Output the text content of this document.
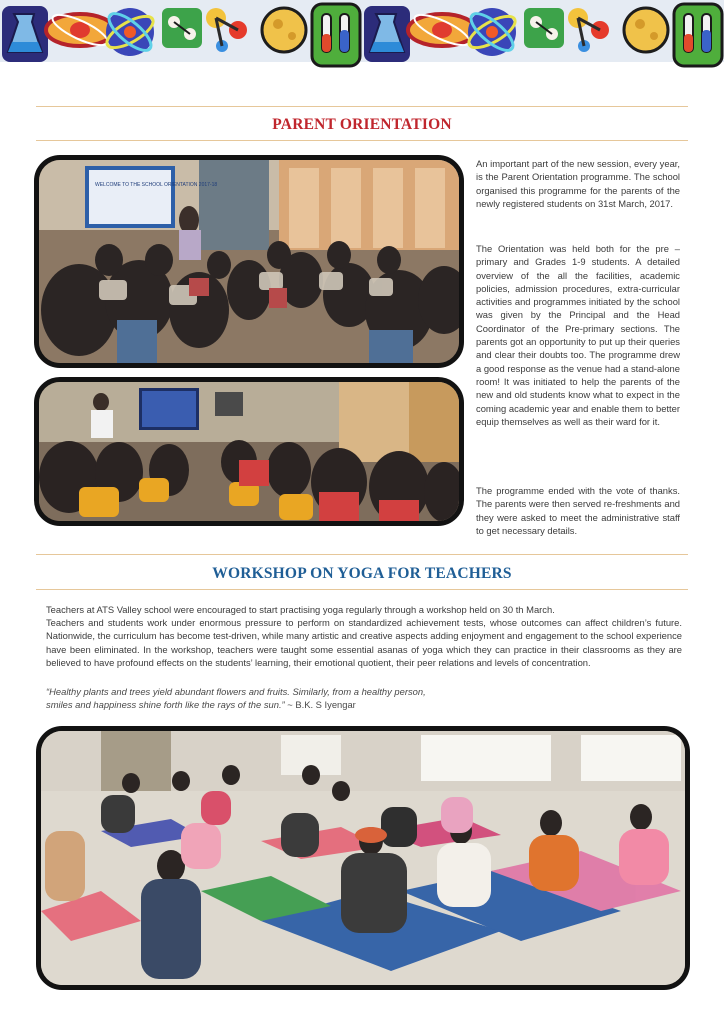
PARENT ORIENTATION
WELCOME TO THE SCHOOL ORIENTATION 2017-18
An important part of the new session, every year, is the Parent Orientation programme. The school organised this programme for the parents of the newly registered students on 31st March, 2017.
The Orientation was held both for the pre – primary and Grades 1-9 students. A detailed overview of the all the facilities, academic policies, admission procedures, extra-curricular activities and programmes initiated by the school was given by the Principal and the Head Coordinator of the Pre-primary sections. The parents got an opportunity to put up their queries and clear their doubts too. The programme drew a good response as the venue had a stand-alone room! It was initiated to help the parents of the new and old students know what to expect in the coming academic year and enable them to better equip themselves as well as their ward for it.
The programme ended with the vote of thanks. The parents were then served re-freshments and they were asked to meet the administrative staff to get necessary details.
WORKSHOP ON YOGA FOR TEACHERS
Teachers at ATS Valley school were encouraged to start practising yoga regularly through a workshop held on 30 th March.
Teachers and students work under enormous pressure to perform on standardized achievement tests, whose outcomes can affect children’s future. Nationwide, the curriculum has become test-driven, while many artistic and creative aspects adding enjoyment and engagement to the school experience have been eliminated. In the workshop, teachers were taught some essential asanas of yoga which they can practice in their classrooms as they are believed to have profound effects on the students’ learning, their emotional quotient, their peer relations and levels of concentration.
“Healthy plants and trees yield abundant flowers and fruits. Similarly, from a healthy person,
smiles and happiness shine forth like the rays of the sun.” ~ B.K. S Iyengar
